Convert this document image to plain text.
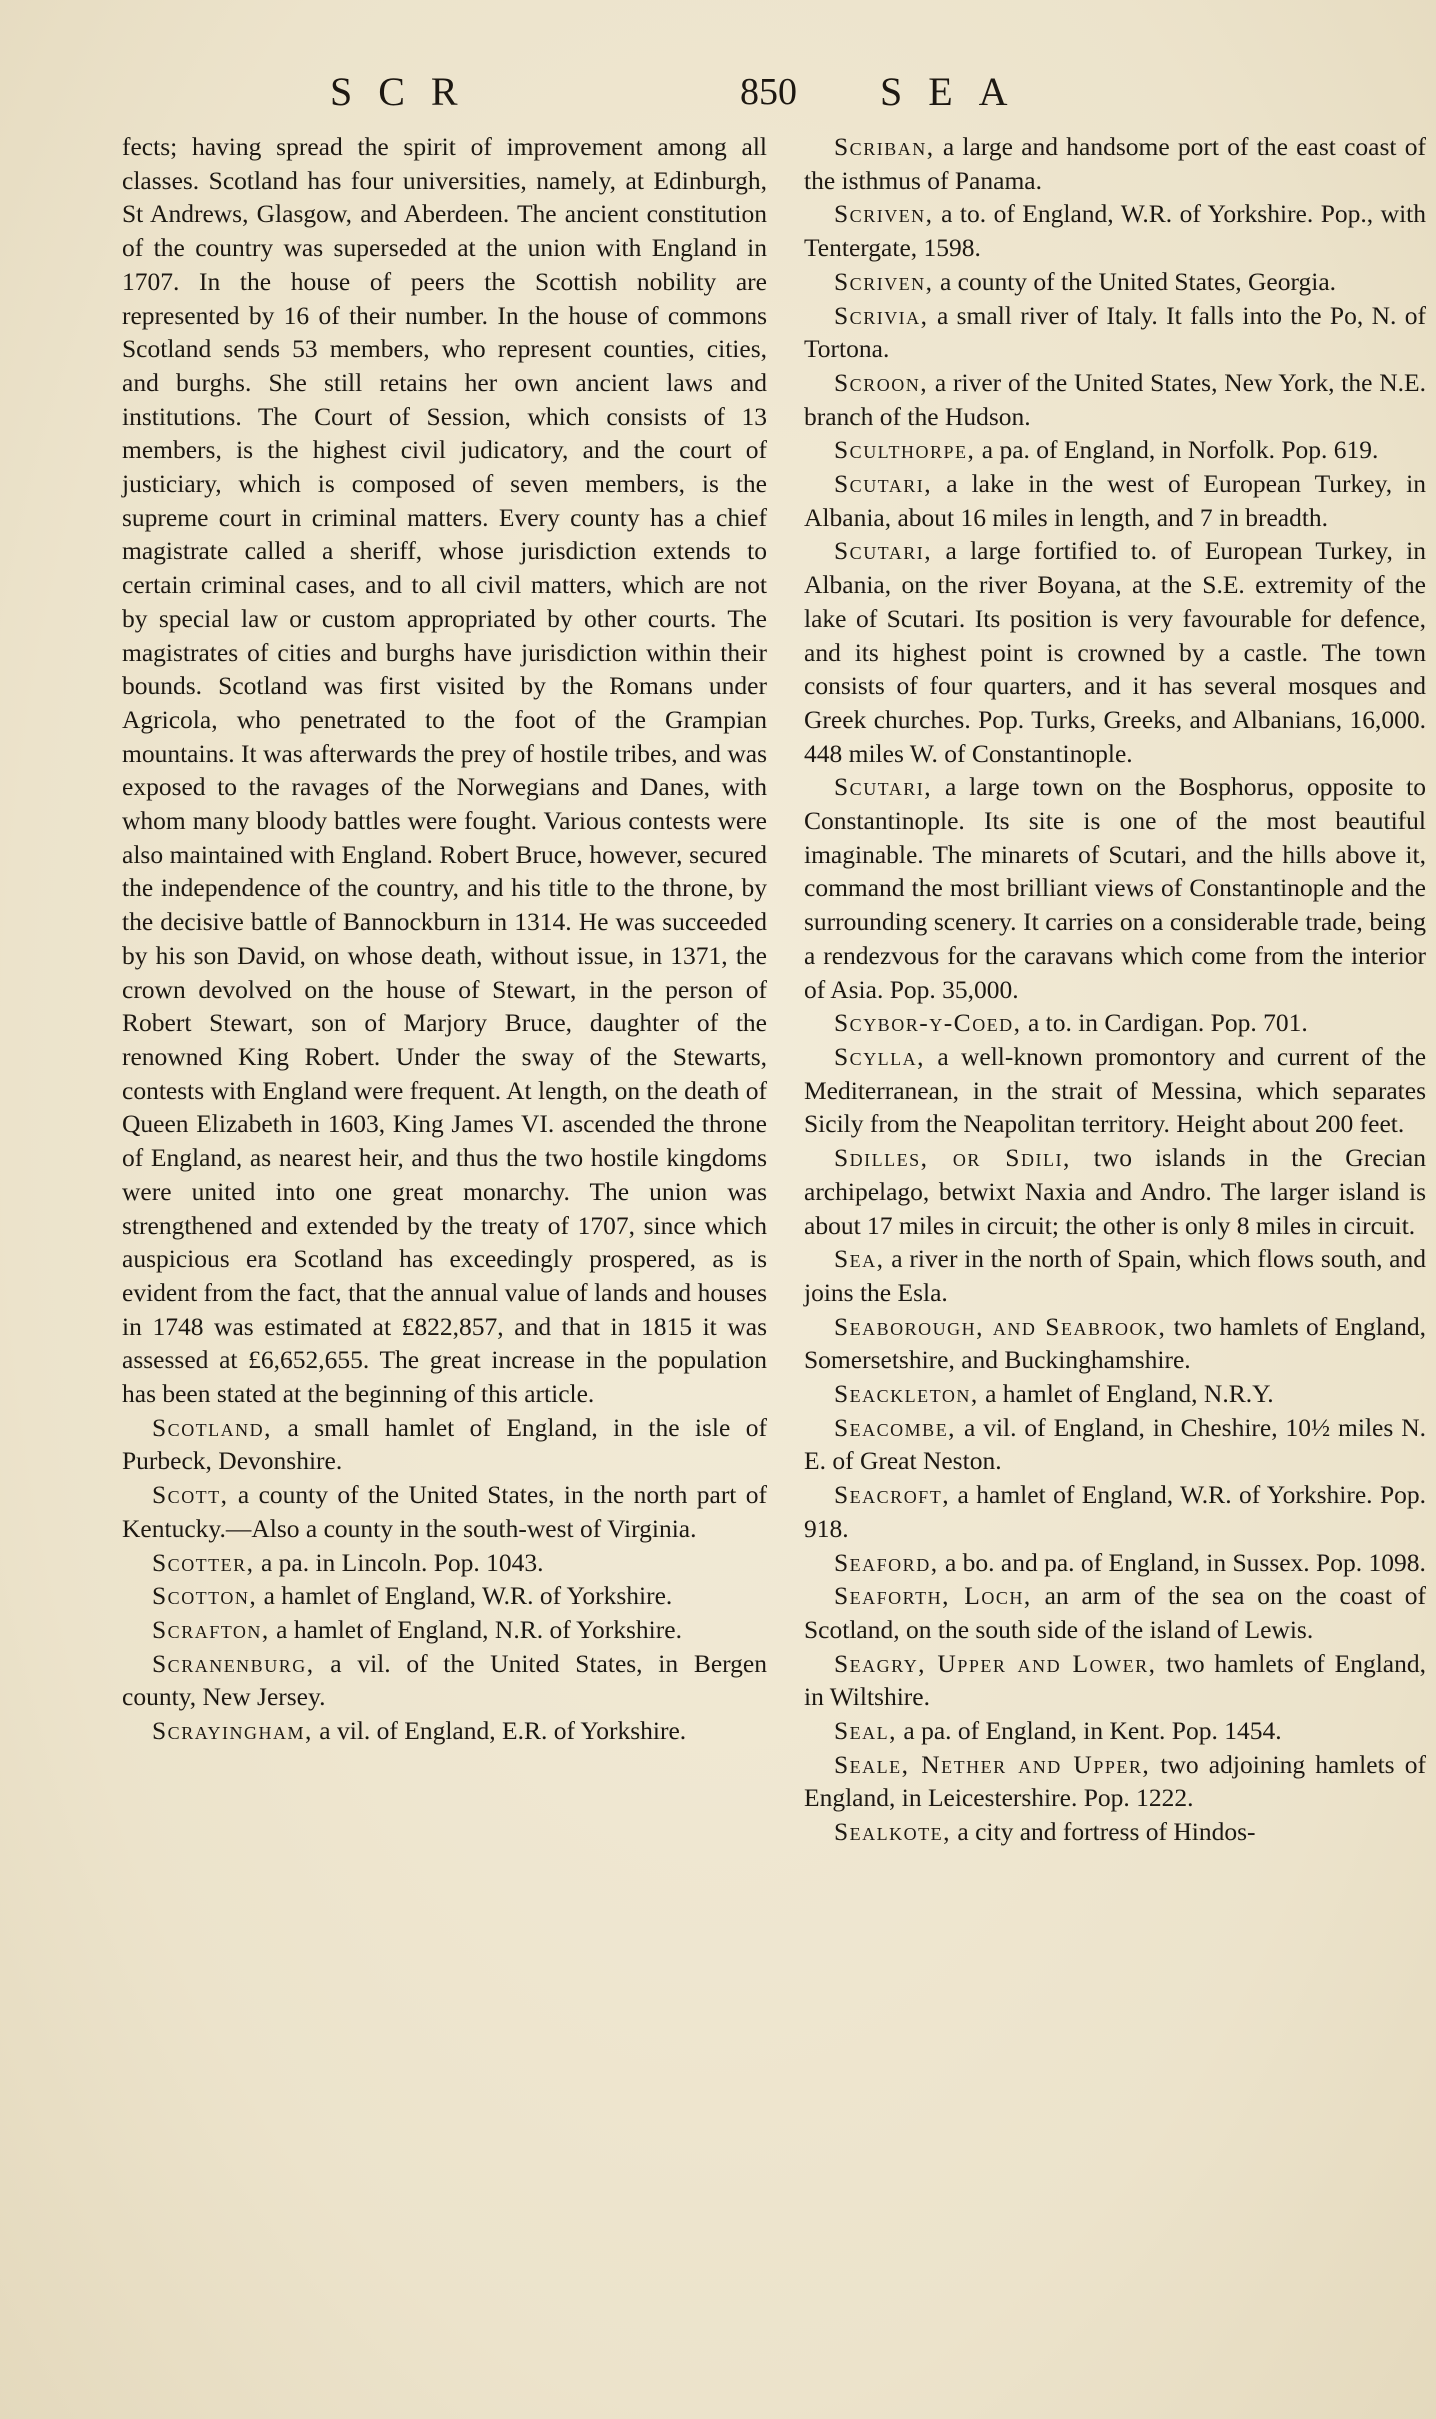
SCR	850 SEA

fects; having spread the spirit of improvement among all classes. Scotland has four universities, namely, at Edinburgh, St Andrews, Glasgow, and Aberdeen. The ancient constitution of the country was superseded at the union with England in 1707. In the house of peers the Scottish nobility are represented by 16 of their number. In the house of commons Scotland sends 53 members, who represent counties, cities, and burghs. She still retains her own ancient laws and institutions. The Court of Session, which consists of 13 members, is the highest civil judicatory, and the court of justiciary, which is composed of seven members, is the supreme court in criminal matters. Every county has a chief magistrate called a sheriff, whose jurisdiction extends to certain criminal cases, and to all civil matters, which are not by special law or custom appropriated by other courts. The magistrates of cities and burghs have jurisdiction within their bounds. Scotland was first visited by the Romans under Agricola, who penetrated to the foot of the Grampian mountains. It was afterwards the prey of hostile tribes, and was exposed to the ravages of the Norwegians and Danes, with whom many bloody battles were fought. Various contests were also maintained with England. Robert Bruce, however, secured the independence of the country, and his title to the throne, by the decisive battle of Bannockburn in 1314. He was succeeded by his son David, on whose death, without issue, in 1371, the crown devolved on the house of Stewart, in the person of Robert Stewart, son of Marjory Bruce, daughter of the renowned King Robert. Under the sway of the Stewarts, contests with England were frequent. At length, on the death of Queen Elizabeth in 1603, King James VI. ascended the throne of England, as nearest heir, and thus the two hostile kingdoms were united into one great monarchy. The union was strengthened and extended by the treaty of 1707, since which auspicious era Scotland has exceedingly prospered, as is evident from the fact, that the annual value of lands and houses in 1748 was estimated at £822,857, and that in 1815 it was assessed at £6,652,655. The great increase in the population has been stated at the beginning of this article.

Scotland, a small hamlet of England, in the isle of Purbeck, Devonshire.

Scott, a county of the United States, in the north part of Kentucky.—Also a county in the south-west of Virginia.

Scotter, a pa. in Lincoln. Pop. 1043.

Scotton, a hamlet of England, W.R. of Yorkshire.

Scrafton, a hamlet of England, N.R. of Yorkshire.

Scranenburg, a vil. of the United States, in Bergen county, New Jersey.

Scrayingham, a vil. of England, E.R. of Yorkshire.

Scriban, a large and handsome port of the east coast of the isthmus of Panama.

Scriven, a to. of England, W.R. of Yorkshire. Pop., with Tentergate, 1598.

Scriven, a county of the United States, Georgia.

Scrivia, a small river of Italy. It falls into the Po, N. of Tortona.

Scroon, a river of the United States, New York, the N.E. branch of the Hudson.

Sculthorpe, a pa. of England, in Norfolk. Pop. 619.

Scutari, a lake in the west of European Turkey, in Albania, about 16 miles in length, and 7 in breadth.

Scutari, a large fortified to. of European Turkey, in Albania, on the river Boyana, at the S.E. extremity of the lake of Scutari. Its position is very favourable for defence, and its highest point is crowned by a castle. The town consists of four quarters, and it has several mosques and Greek churches. Pop. Turks, Greeks, and Albanians, 16,000. 448 miles W. of Constantinople.

Scutari, a large town on the Bosphorus, opposite to Constantinople. Its site is one of the most beautiful imaginable. The minarets of Scutari, and the hills above it, command the most brilliant views of Constantinople and the surrounding scenery. It carries on a considerable trade, being a rendezvous for the caravans which come from the interior of Asia. Pop. 35,000.

Scybor-y-Coed, a to. in Cardigan. Pop. 701.

Scylla, a well-known promontory and current of the Mediterranean, in the strait of Messina, which separates Sicily from the Neapolitan territory. Height about 200 feet.

Sdilles, or Sdili, two islands in the Grecian archipelago, betwixt Naxia and Andro. The larger island is about 17 miles in circuit; the other is only 8 miles in circuit.

Sea, a river in the north of Spain, which flows south, and joins the Esla.

Seaborough, and Seabrook, two hamlets of England, Somersetshire, and Buckinghamshire.

Seackleton, a hamlet of England, N.R.Y.

Seacombe, a vil. of England, in Cheshire, 10½ miles N. E. of Great Neston.

Seacroft, a hamlet of England, W.R. of Yorkshire. Pop. 918.

Seaford, a bo. and pa. of England, in Sussex. Pop. 1098.

Seaforth, Loch, an arm of the sea on the coast of Scotland, on the south side of the island of Lewis.

Seagry, Upper and Lower, two hamlets of England, in Wiltshire.

Seal, a pa. of England, in Kent. Pop. 1454.

Seale, Nether and Upper, two adjoining hamlets of England, in Leicestershire. Pop. 1222.

Sealkote, a city and fortress of Hindos-
